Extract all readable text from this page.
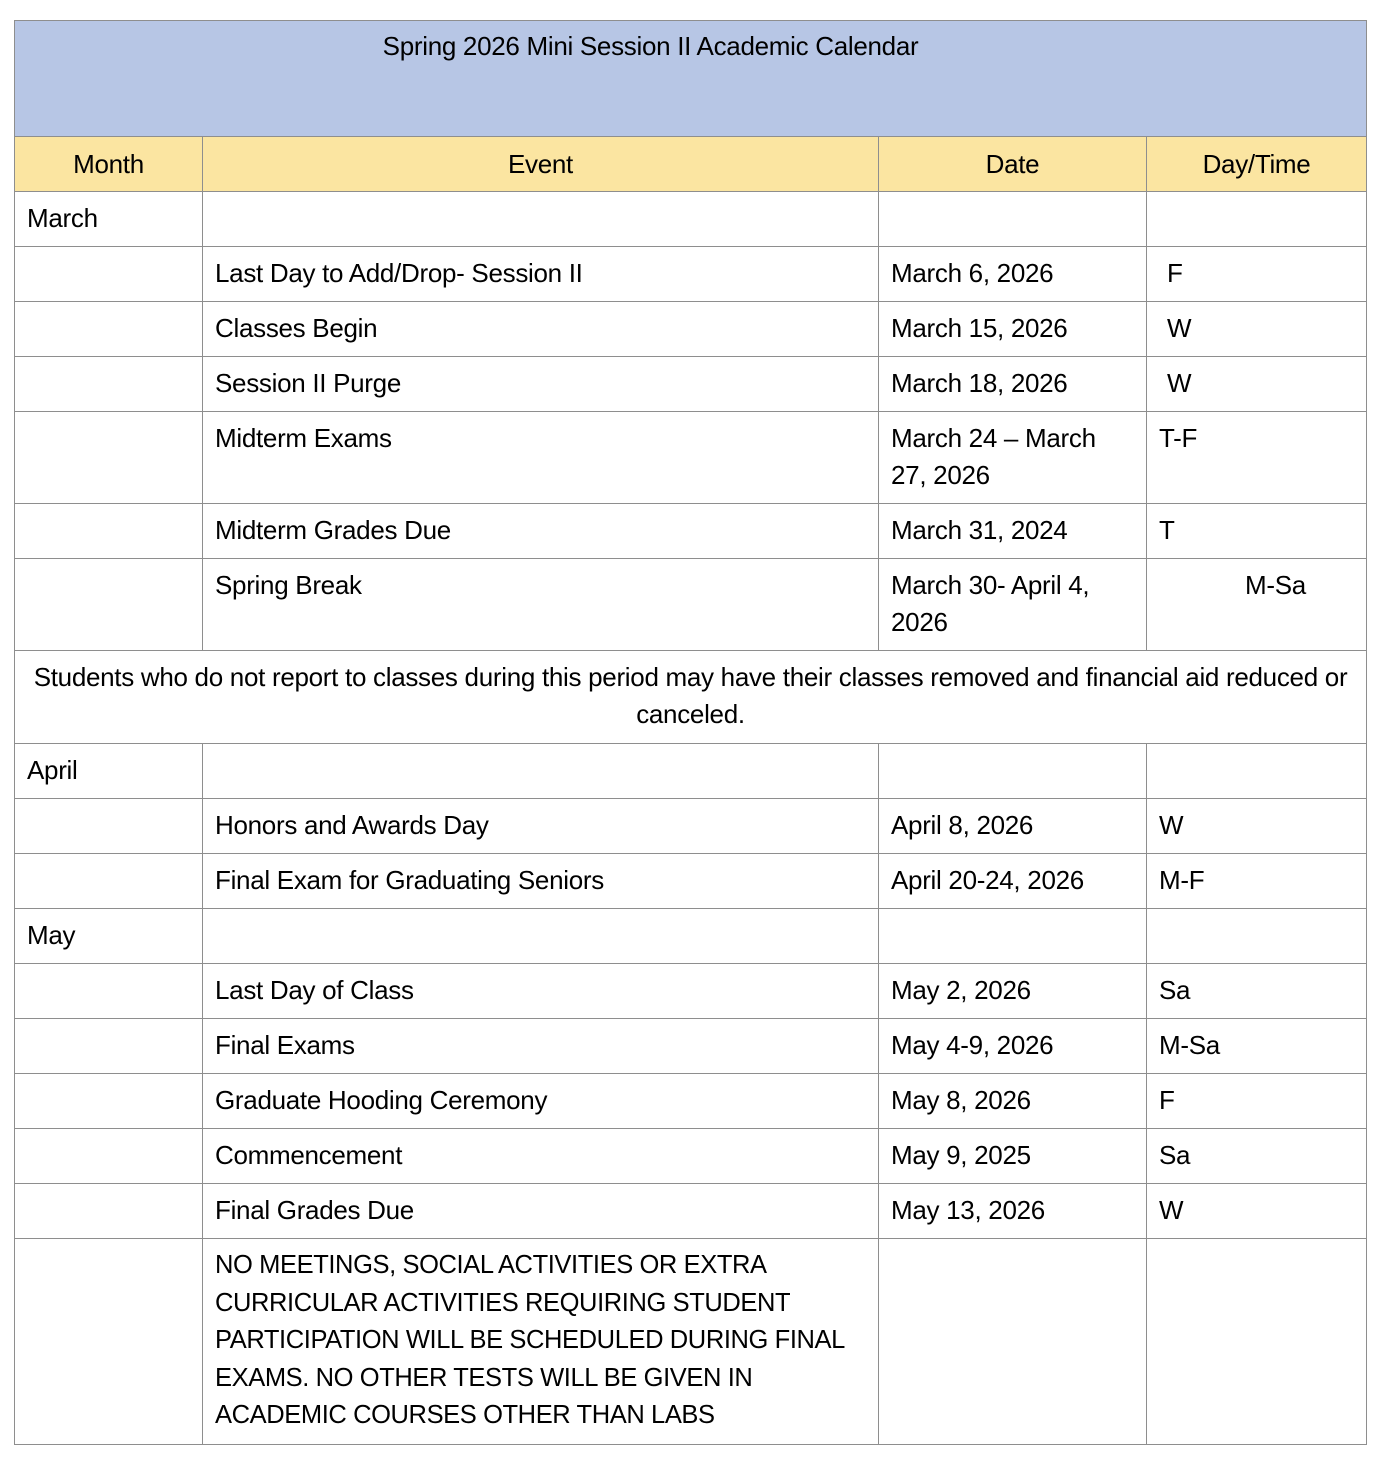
Spring 2026 Mini Session II Academic Calendar			
Month	Event	Date	Day/Time
March			
	Last Day to Add/Drop- Session II	March 6, 2026	F
	Classes Begin	March 15, 2026	W
	Session II Purge	March 18, 2026	W
	Midterm Exams	March 24 – March 27, 2026	T-F
	Midterm Grades Due	March 31, 2024	T
	Spring Break	March 30- April 4, 2026	M-Sa
Students who do not report to classes during this period may have their classes removed and financial aid reduced or canceled.			
April			
	Honors and Awards Day	April 8, 2026	W
	Final Exam for Graduating Seniors	April 20-24, 2026	M-F
May			
	Last Day of Class	May 2, 2026	Sa
	Final Exams	May 4-9, 2026	M-Sa
	Graduate Hooding Ceremony	May 8, 2026	F
	Commencement	May 9, 2025	Sa
	Final Grades Due	May 13, 2026	W
	NO MEETINGS, SOCIAL ACTIVITIES OR EXTRA CURRICULAR ACTIVITIES REQUIRING STUDENT PARTICIPATION WILL BE SCHEDULED DURING FINAL EXAMS. NO OTHER TESTS WILL BE GIVEN IN ACADEMIC COURSES OTHER THAN LABS		
